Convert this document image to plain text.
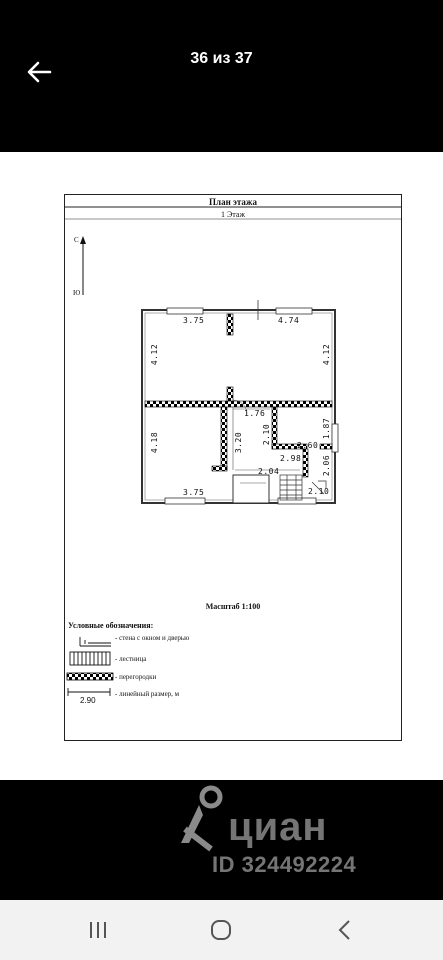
36 из 37
План этажа
1 Этаж
С
Ю
3.75	4.74
4.12	4.12
4.18
3.75
1.76
3.20 2.10	1.87
2.60
2.98	2.06
2.04
2.10
Масштаб 1:100
Условные обозначения:
- стена с окном и дверью
- лестница
- перегородки
- линейный размер, м
2.90
циан
ID 324492224
